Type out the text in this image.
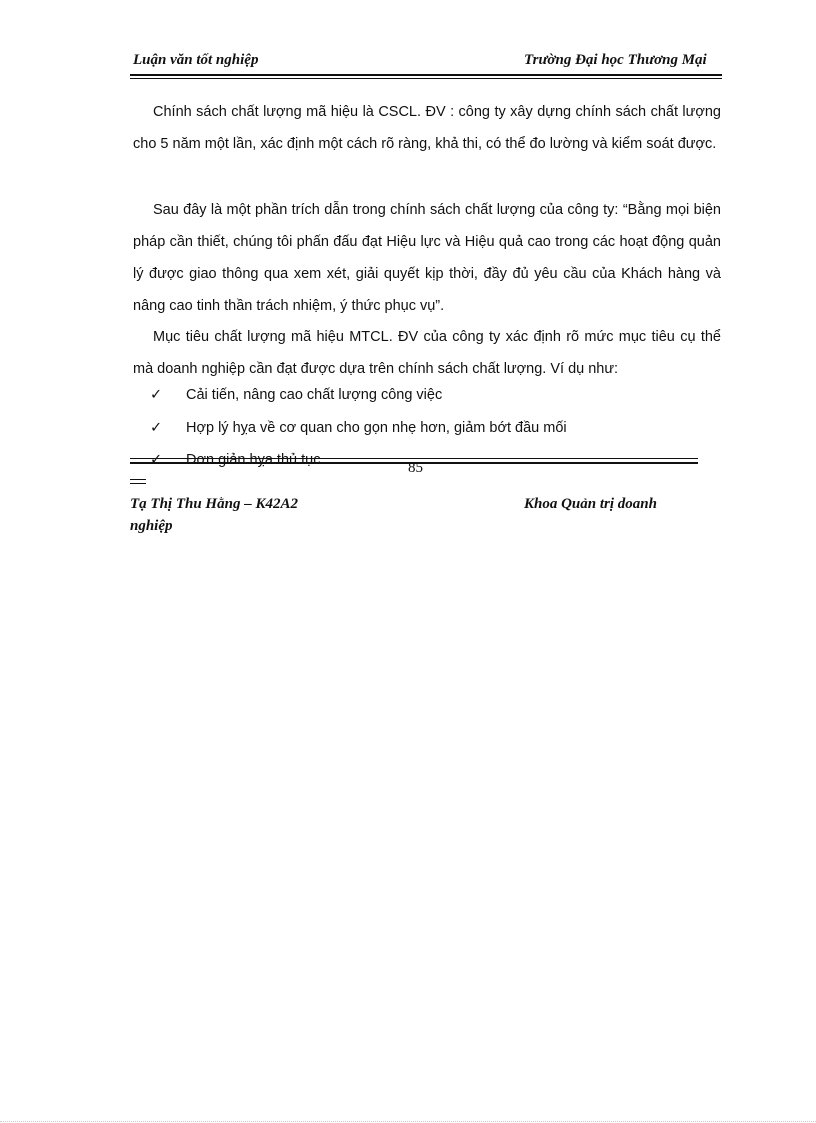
Luận văn tốt nghiệp	Trường Đại học Thương Mại

Chính sách chất lượng mã hiệu là CSCL. ĐV : công ty xây dựng chính sách chất lượng cho 5 năm một lần, xác định một cách rõ ràng, khả thi, có thể đo lường và kiểm soát được.

Sau đây là một phần trích dẫn trong chính sách chất lượng của công ty: “Bằng mọi biện pháp cần thiết, chúng tôi phấn đấu đạt Hiệu lực và Hiệu quả cao trong các hoạt động quản lý được giao thông qua xem xét, giải quyết kịp thời, đầy đủ yêu cầu của Khách hàng và nâng cao tinh thần trách nhiệm, ý thức phục vụ”.

Mục tiêu chất lượng mã hiệu MTCL. ĐV của công ty xác định rõ mức mục tiêu cụ thể mà doanh nghiệp cần đạt được dựa trên chính sách chất lượng. Ví dụ như:

✓ Cải tiến, nâng cao chất lượng công việc
✓ Hợp lý hỵa về cơ quan cho gọn nhẹ hơn, giảm bớt đầu mối
✓ Đơn giản hỵa thủ tục	85
Tạ Thị Thu Hằng – K42A2 nghiệp
Khoa Quản trị doanh
